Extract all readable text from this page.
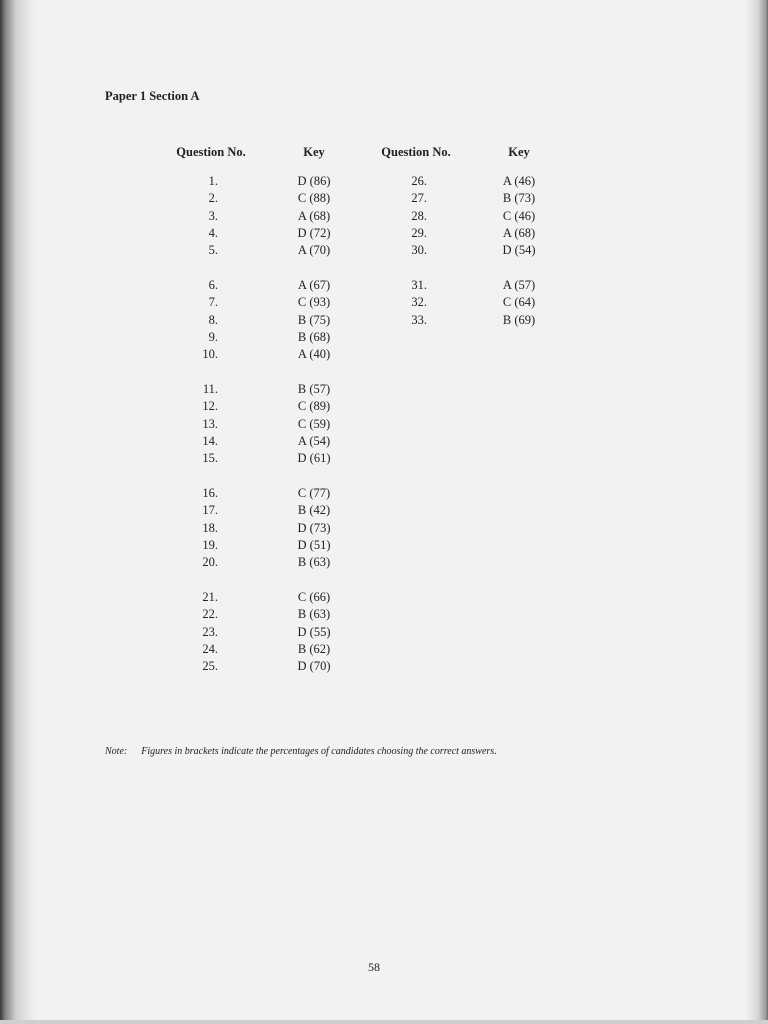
Paper 1 Section A
Question No.	Key	Question No.	Key
1.	D (86)
2.	C (88)
3.	A (68)
4.	D (72)
5.	A (70)
6.	A (67)
7.	C (93)
8.	B (75)
9.	B (68)
10.	A (40)
11.	B (57)
12.	C (89)
13.	C (59)
14.	A (54)
15.	D (61)
16.	C (77)
17.	B (42)
18.	D (73)
19.	D (51)
20.	B (63)
21.	C (66)
22.	B (63)
23.	D (55)
24.	B (62)
25.	D (70)
26.	A (46)
27.	B (73)
28.	C (46)
29.	A (68)
30.	D (54)
31.	A (57)
32.	C (64)
33.	B (69)
Note: Figures in brackets indicate the percentages of candidates choosing the correct answers.
58
